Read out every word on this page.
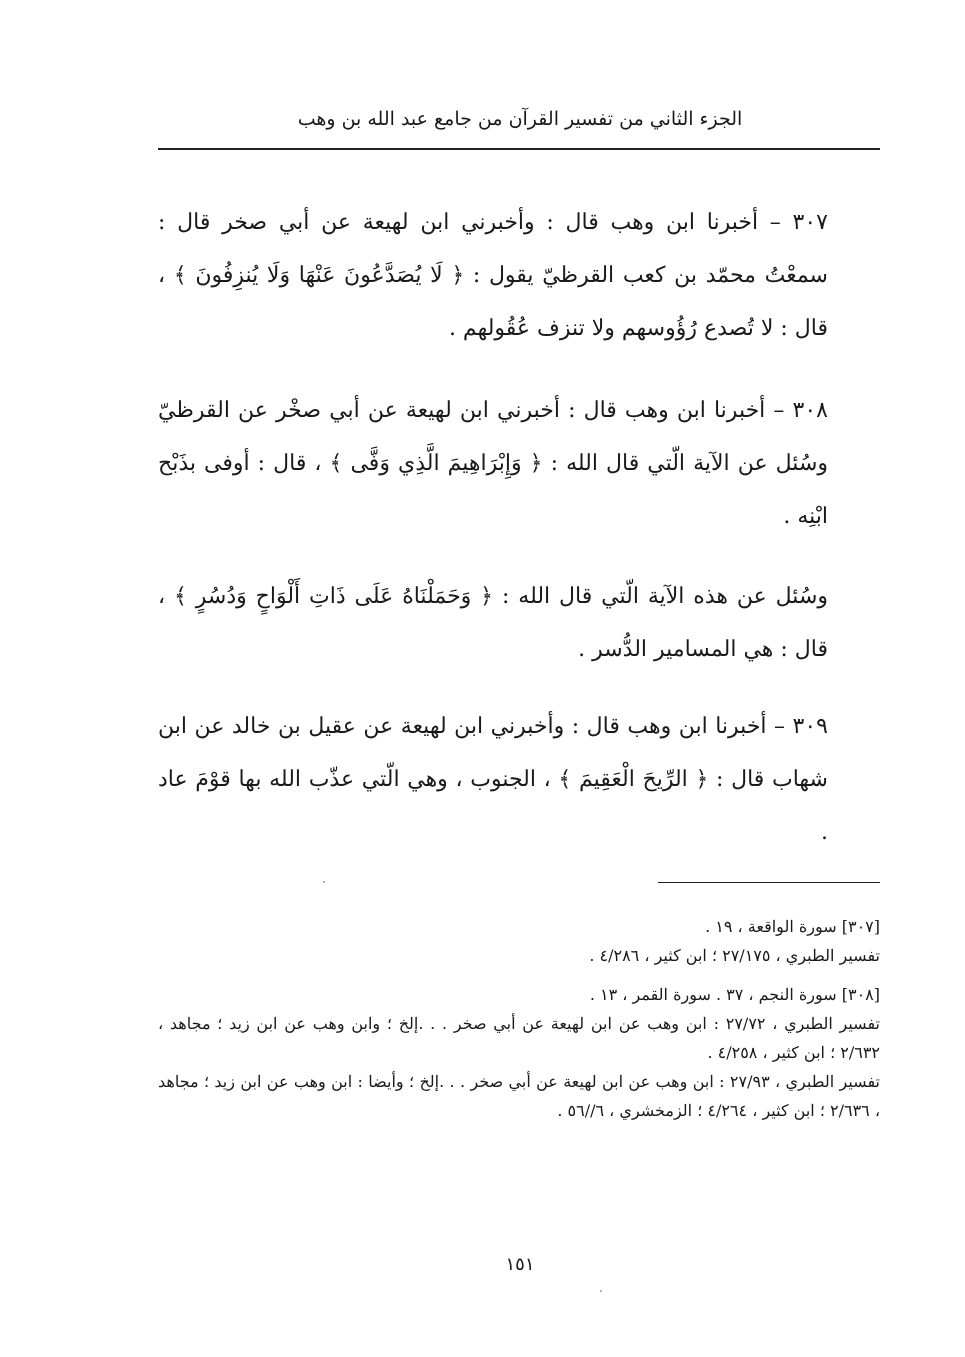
الجزء الثاني من تفسير القرآن من جامع عبد الله بن وهب

٣٠٧ – أخبرنا ابن وهب قال : وأخبرني ابن لهيعة عن أبي صخر قال : سمعْتُ محمّد بن كعب القرظيّ يقول : ﴿ لَا يُصَدَّعُونَ عَنْهَا وَلَا يُنزِفُونَ ﴾ ، قال : لا تُصدع رُؤُوسهم ولا تنزف عُقُولهم .

٣٠٨ – أخبرنا ابن وهب قال : أخبرني ابن لهيعة عن أبي صخْر عن القرظيّ وسُئل عن الآية الّتي قال الله : ﴿ وَإِبْرَاهِيمَ الَّذِي وَفَّى ﴾ ، قال : أوفى بذَبْح ابْنِه .

وسُئل عن هذه الآية الّتي قال الله : ﴿ وَحَمَلْنَاهُ عَلَى ذَاتِ أَلْوَاحٍ وَدُسُرٍ ﴾ ، قال : هي المسامير الدُّسر .

٣٠٩ – أخبرنا ابن وهب قال : وأخبرني ابن لهيعة عن عقيل بن خالد عن ابن شهاب قال : ﴿ الرِّيحَ الْعَقِيمَ ﴾ ، الجنوب ، وهي الّتي عذّب الله بها قوْمَ عاد .

[٣٠٧] سورة الواقعة ، ١٩ .

تفسير الطبري ، ٢٧/١٧٥ ؛ ابن كثير ، ٤/٢٨٦ .

[٣٠٨] سورة النجم ، ٣٧ . سورة القمر ، ١٣ .

تفسير الطبري ، ٢٧/٧٢ : ابن وهب عن ابن لهيعة عن أبي صخر . . .إلخ ؛ وابن وهب عن ابن زيد ؛ مجاهد ، ٢/٦٣٢ ؛ ابن كثير ، ٤/٢٥٨ .

تفسير الطبري ، ٢٧/٩٣ : ابن وهب عن ابن لهيعة عن أبي صخر . . .إلخ ؛ وأيضا : ابن وهب عن ابن زيد ؛ مجاهد ، ٢/٦٣٦ ؛ ابن كثير ، ٤/٢٦٤ ؛ الزمخشري ، ٦//٥٦ .

١٥١
